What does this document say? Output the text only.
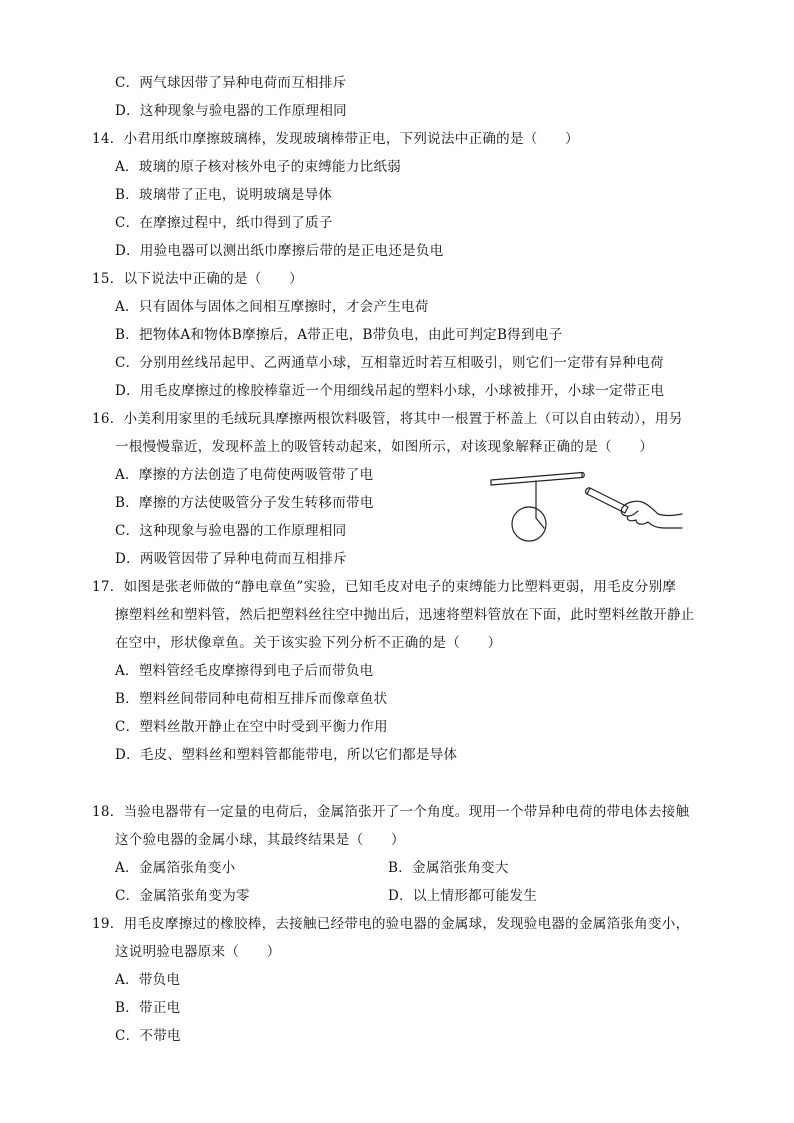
C．两气球因带了异种电荷而互相排斥
D．这种现象与验电器的工作原理相同
14．小君用纸巾摩擦玻璃棒，发现玻璃棒带正电，下列说法中正确的是（　　）
A．玻璃的原子核对核外电子的束缚能力比纸弱
B．玻璃带了正电，说明玻璃是导体
C．在摩擦过程中，纸巾得到了质子
D．用验电器可以测出纸巾摩擦后带的是正电还是负电
15．以下说法中正确的是（　　）
A．只有固体与固体之间相互摩擦时，才会产生电荷
B．把物体A和物体B摩擦后，A带正电，B带负电，由此可判定B得到电子
C．分别用丝线吊起甲、乙两通草小球，互相靠近时若互相吸引，则它们一定带有异种电荷
D．用毛皮摩擦过的橡胶棒靠近一个用细线吊起的塑料小球，小球被排开，小球一定带正电
16．小美利用家里的毛绒玩具摩擦两根饮料吸管，将其中一根置于杯盖上（可以自由转动），用另
一根慢慢靠近，发现杯盖上的吸管转动起来，如图所示，对该现象解释正确的是（　　）
A．摩擦的方法创造了电荷使两吸管带了电
B．摩擦的方法使吸管分子发生转移而带电
C．这种现象与验电器的工作原理相同
D．两吸管因带了异种电荷而互相排斥
17．如图是张老师做的“静电章鱼”实验，已知毛皮对电子的束缚能力比塑料更弱，用毛皮分别摩
擦塑料丝和塑料管，然后把塑料丝往空中抛出后，迅速将塑料管放在下面，此时塑料丝散开静止
在空中，形状像章鱼。关于该实验下列分析不正确的是（　　）
A．塑料管经毛皮摩擦得到电子后而带负电
B．塑料丝间带同种电荷相互排斥而像章鱼状
C．塑料丝散开静止在空中时受到平衡力作用
D．毛皮、塑料丝和塑料管都能带电，所以它们都是导体
18．当验电器带有一定量的电荷后，金属箔张开了一个角度。现用一个带异种电荷的带电体去接触
这个验电器的金属小球，其最终结果是（　　）
A．金属箔张角变小	B．金属箔张角变大
C．金属箔张角变为零	D．以上情形都可能发生
19．用毛皮摩擦过的橡胶棒，去接触已经带电的验电器的金属球，发现验电器的金属箔张角变小，
这说明验电器原来（　　）
A．带负电
B．带正电
C．不带电
